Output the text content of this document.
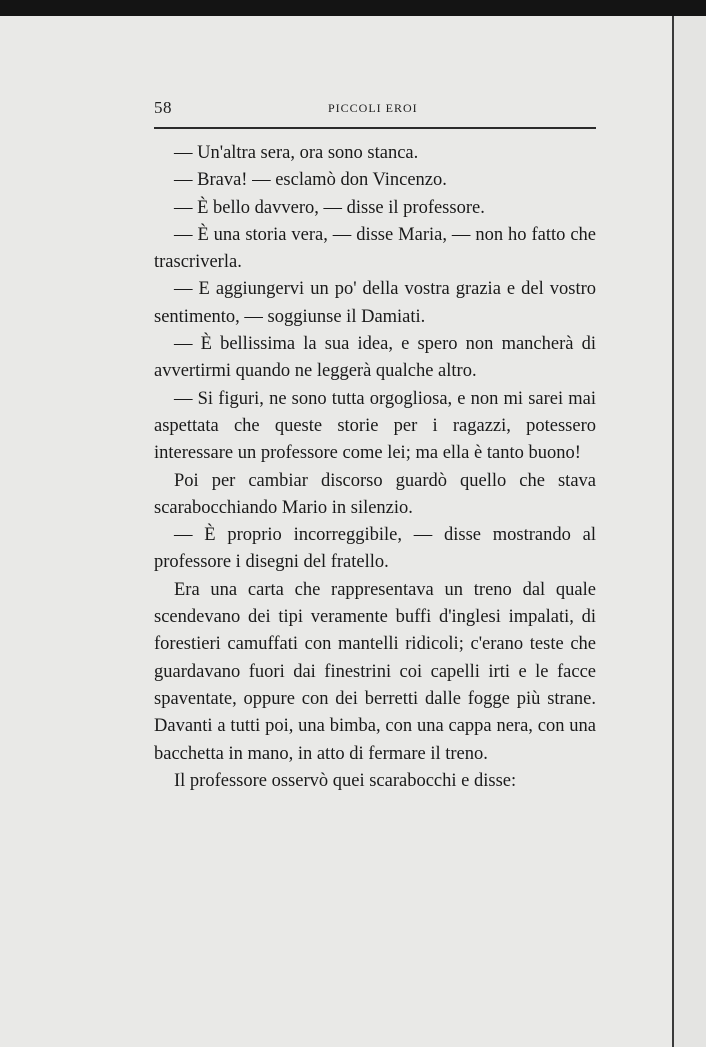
58	PICCOLI EROI

— Un'altra sera, ora sono stanca.

— Brava! — esclamò don Vincenzo.

— È bello davvero, — disse il professore.

— È una storia vera, — disse Maria, — non ho fatto che trascriverla.

— E aggiungervi un po' della vostra grazia e del vostro sentimento, — soggiunse il Damiati.

— È bellissima la sua idea, e spero non mancherà di avvertirmi quando ne leggerà qualche altro.

— Si figuri, ne sono tutta orgogliosa, e non mi sarei mai aspettata che queste storie per i ragazzi, potessero interessare un professore come lei; ma ella è tanto buono!

Poi per cambiar discorso guardò quello che stava scarabocchiando Mario in silenzio.

— È proprio incorreggibile, — disse mostrando al professore i disegni del fratello.

Era una carta che rappresentava un treno dal quale scendevano dei tipi veramente buffi d'inglesi impalati, di forestieri camuffati con mantelli ridicoli; c'erano teste che guardavano fuori dai finestrini coi capelli irti e le facce spaventate, oppure con dei berretti dalle fogge più strane. Davanti a tutti poi, una bimba, con una cappa nera, con una bacchetta in mano, in atto di fermare il treno.

Il professore osservò quei scarabocchi e disse:
